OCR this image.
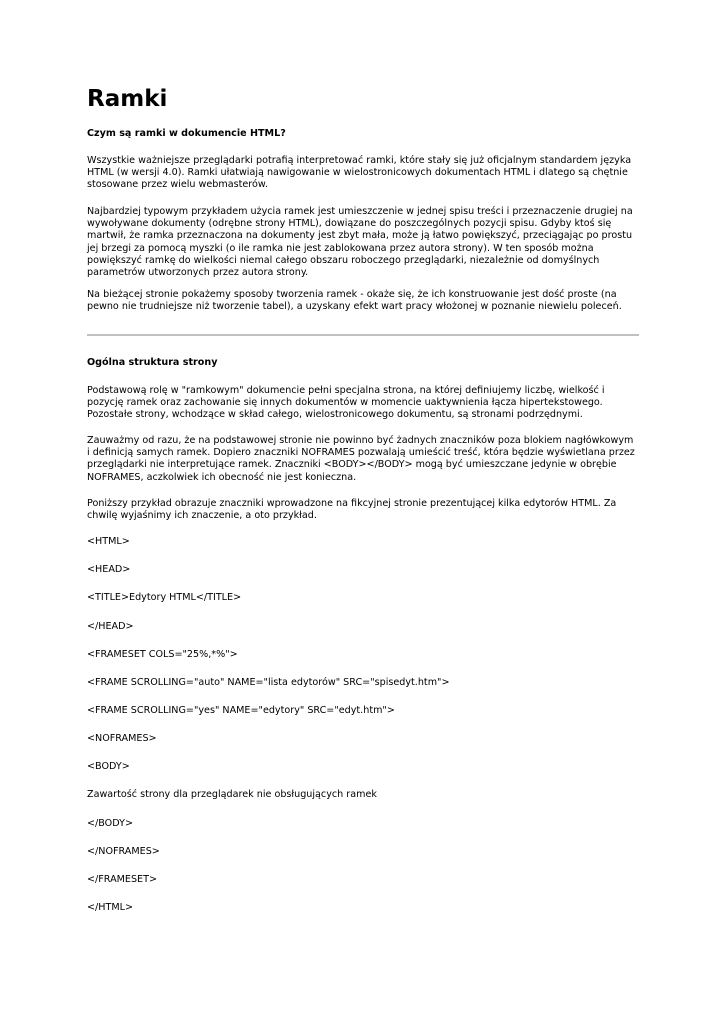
Ramki

Czym są ramki w dokumencie HTML?

Wszystkie ważniejsze przeglądarki potrafią interpretować ramki, które stały się już oficjalnym standardem języka HTML (w wersji 4.0). Ramki ułatwiają nawigowanie w wielostronicowych dokumentach HTML i dlatego są chętnie stosowane przez wielu webmasterów.

Najbardziej typowym przykładem użycia ramek jest umieszczenie w jednej spisu treści i przeznaczenie drugiej na wywoływane dokumenty (odrębne strony HTML), dowiązane do poszczególnych pozycji spisu. Gdyby ktoś się martwił, że ramka przeznaczona na dokumenty jest zbyt mała, może ją łatwo powiększyć, przeciągając po prostu jej brzegi za pomocą myszki (o ile ramka nie jest zablokowana przez autora strony). W ten sposób można powiększyć ramkę do wielkości niemal całego obszaru roboczego przeglądarki, niezależnie od domyślnych parametrów utworzonych przez autora strony.

Na bieżącej stronie pokażemy sposoby tworzenia ramek - okaże się, że ich konstruowanie jest dość proste (na pewno nie trudniejsze niż tworzenie tabel), a uzyskany efekt wart pracy włożonej w poznanie niewielu poleceń.

Ogólna struktura strony

Podstawową rolę w "ramkowym" dokumencie pełni specjalna strona, na której definiujemy liczbę, wielkość i pozycję ramek oraz zachowanie się innych dokumentów w momencie uaktywnienia łącza hipertekstowego. Pozostałe strony, wchodzące w skład całego, wielostronicowego dokumentu, są stronami podrzędnymi.

Zauważmy od razu, że na podstawowej stronie nie powinno być żadnych znaczników poza blokiem nagłówkowym i definicją samych ramek. Dopiero znaczniki NOFRAMES pozwalają umieścić treść, która będzie wyświetlana przez przeglądarki nie interpretujące ramek. Znaczniki <BODY></BODY> mogą być umieszczane jedynie w obrębie NOFRAMES, aczkolwiek ich obecność nie jest konieczna.

Poniższy przykład obrazuje znaczniki wprowadzone na fikcyjnej stronie prezentującej kilka edytorów HTML. Za chwilę wyjaśnimy ich znaczenie, a oto przykład.

<HTML>
<HEAD>
<TITLE>Edytory HTML</TITLE>
</HEAD>
<FRAMESET COLS="25%,*%">
<FRAME SCROLLING="auto" NAME="lista edytorów" SRC="spisedyt.htm">
<FRAME SCROLLING="yes" NAME="edytory" SRC="edyt.htm">
<NOFRAMES>
<BODY>
Zawartość strony dla przeglądarek nie obsługujących ramek
</BODY>
</NOFRAMES>
</FRAMESET>
</HTML>
